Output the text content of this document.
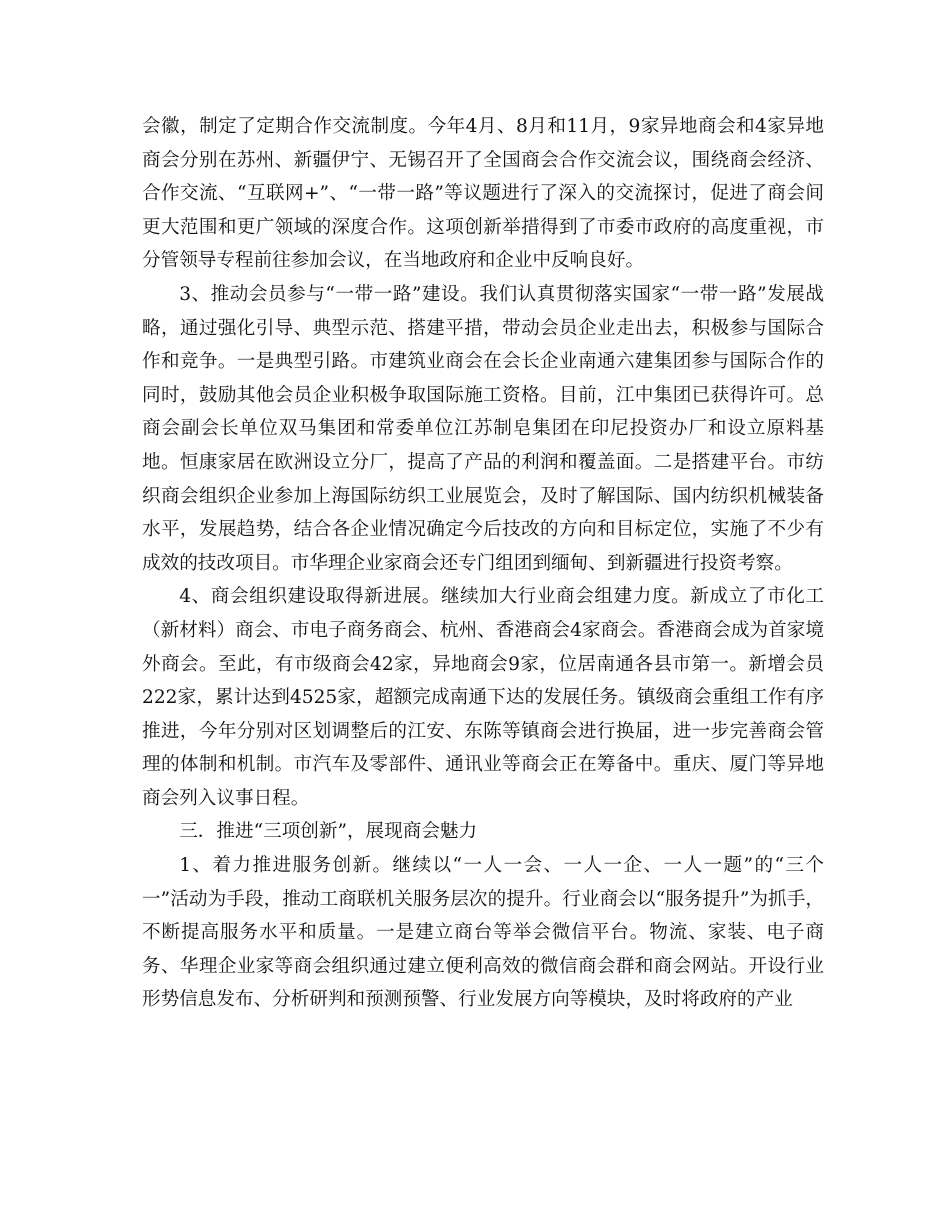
会徽，制定了定期合作交流制度。今年4月、8月和11月，9家异地商会和4家异地商会分别在苏州、新疆伊宁、无锡召开了全国商会合作交流会议，围绕商会经济、合作交流、“互联网+”、“一带一路”等议题进行了深入的交流探讨，促进了商会间更大范围和更广领域的深度合作。这项创新举措得到了市委市政府的高度重视，市分管领导专程前往参加会议，在当地政府和企业中反响良好。

3、推动会员参与“一带一路”建设。我们认真贯彻落实国家“一带一路”发展战略，通过强化引导、典型示范、搭建平措，带动会员企业走出去，积极参与国际合作和竞争。一是典型引路。市建筑业商会在会长企业南通六建集团参与国际合作的同时，鼓励其他会员企业积极争取国际施工资格。目前，江中集团已获得许可。总商会副会长单位双马集团和常委单位江苏制皂集团在印尼投资办厂和设立原料基地。恒康家居在欧洲设立分厂，提高了产品的利润和覆盖面。二是搭建平台。市纺织商会组织企业参加上海国际纺织工业展览会，及时了解国际、国内纺织机械装备水平，发展趋势，结合各企业情况确定今后技改的方向和目标定位，实施了不少有成效的技改项目。市华理企业家商会还专门组团到缅甸、到新疆进行投资考察。

4、商会组织建设取得新进展。继续加大行业商会组建力度。新成立了市化工（新材料）商会、市电子商务商会、杭州、香港商会4家商会。香港商会成为首家境外商会。至此，有市级商会42家，异地商会9家，位居南通各县市第一。新增会员222家，累计达到4525家，超额完成南通下达的发展任务。镇级商会重组工作有序推进，今年分别对区划调整后的江安、东陈等镇商会进行换届，进一步完善商会管理的体制和机制。市汽车及零部件、通讯业等商会正在筹备中。重庆、厦门等异地商会列入议事日程。

三．推进“三项创新”，展现商会魅力

1、着力推进服务创新。继续以“一人一会、一人一企、一人一题”的“三个一”活动为手段，推动工商联机关服务层次的提升。行业商会以“服务提升”为抓手，不断提高服务水平和质量。一是建立商台等举会微信平台。物流、家装、电子商务、华理企业家等商会组织通过建立便利高效的微信商会群和商会网站。开设行业形势信息发布、分析研判和预测预警、行业发展方向等模块，及时将政府的产业
